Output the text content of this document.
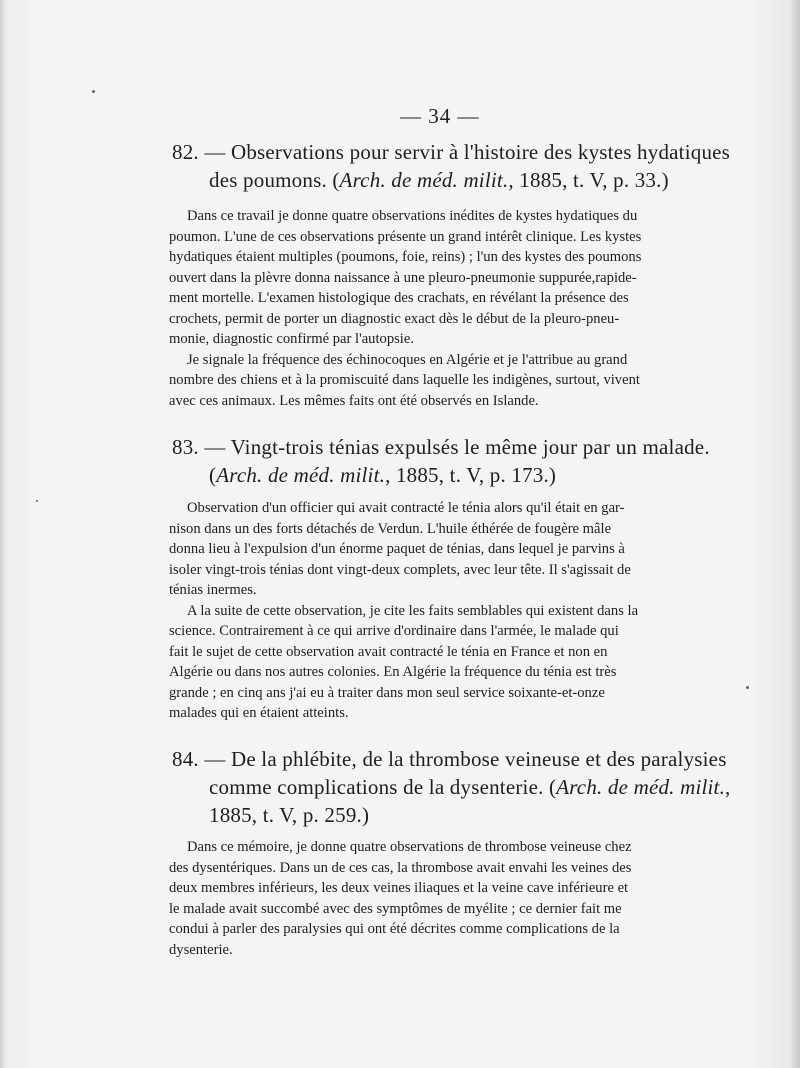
— 34 —
82. — Observations pour servir à l'histoire des kystes hydatiques
des poumons. (Arch. de méd. milit., 1885, t. V, p. 33.)
Dans ce travail je donne quatre observations inédites de kystes hydatiques du
poumon. L'une de ces observations présente un grand intérêt clinique. Les kystes
hydatiques étaient multiples (poumons, foie, reins) ; l'un des kystes des poumons
ouvert dans la plèvre donna naissance à une pleuro-pneumonie suppurée,rapide-
ment mortelle. L'examen histologique des crachats, en révélant la présence des
crochets, permit de porter un diagnostic exact dès le début de la pleuro-pneu-
monie, diagnostic confirmé par l'autopsie.
Je signale la fréquence des échinocoques en Algérie et je l'attribue au grand
nombre des chiens et à la promiscuité dans laquelle les indigènes, surtout, vivent
avec ces animaux. Les mêmes faits ont été observés en Islande.
83. — Vingt-trois ténias expulsés le même jour par un malade.
(Arch. de méd. milit., 1885, t. V, p. 173.)
Observation d'un officier qui avait contracté le ténia alors qu'il était en gar-
nison dans un des forts détachés de Verdun. L'huile éthérée de fougère mâle
donna lieu à l'expulsion d'un énorme paquet de ténias, dans lequel je parvins à
isoler vingt-trois ténias dont vingt-deux complets, avec leur tête. Il s'agissait de
ténias inermes.
A la suite de cette observation, je cite les faits semblables qui existent dans la
science. Contrairement à ce qui arrive d'ordinaire dans l'armée, le malade qui
fait le sujet de cette observation avait contracté le ténia en France et non en
Algérie ou dans nos autres colonies. En Algérie la fréquence du ténia est très
grande ; en cinq ans j'ai eu à traiter dans mon seul service soixante-et-onze
malades qui en étaient atteints.
84. — De la phlébite, de la thrombose veineuse et des paralysies
comme complications de la dysenterie. (Arch. de méd. milit.,
1885, t. V, p. 259.)
Dans ce mémoire, je donne quatre observations de thrombose veineuse chez
des dysentériques. Dans un de ces cas, la thrombose avait envahi les veines des
deux membres inférieurs, les deux veines iliaques et la veine cave inférieure et
le malade avait succombé avec des symptômes de myélite ; ce dernier fait me
condui à parler des paralysies qui ont été décrites comme complications de la
dysenterie.
